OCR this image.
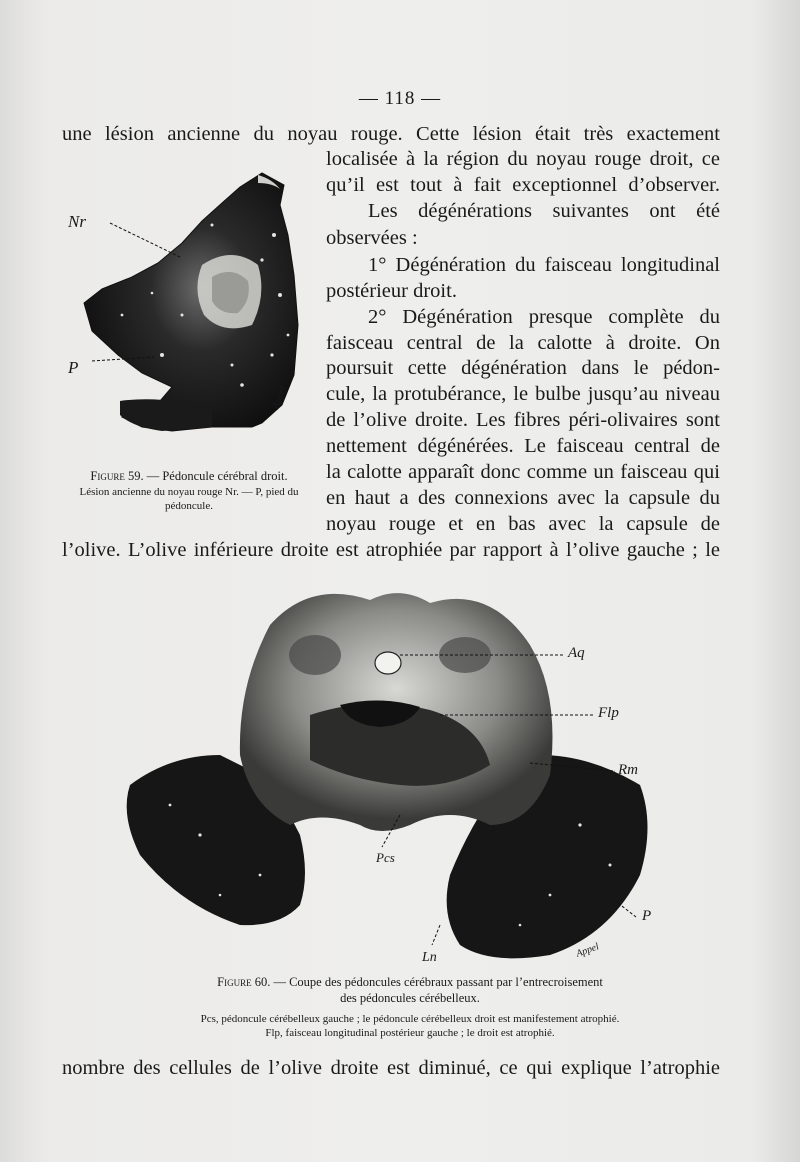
— 118 —
une lésion ancienne du noyau rouge. Cette lésion était très exactement
localisée à la région du noyau rouge droit, ce
qu’il est tout à fait exceptionnel d’observer.
Les dégénérations suivantes ont été
observées :
1° Dégénération du faisceau longitudinal
postérieur droit.
2° Dégénération presque complète du
faisceau central de la calotte à droite. On
poursuit cette dégénération dans le pédon-
cule, la protubérance, le bulbe jusqu’au niveau
de l’olive droite. Les fibres péri-olivaires sont
nettement dégénérées. Le faisceau central de
la calotte apparaît donc comme un faisceau qui
en haut a des connexions avec la capsule du
noyau rouge et en bas avec la capsule de
l’olive. L’olive inférieure droite est atrophiée par rapport à l’olive gauche ; le
Nr
P
Appel
Figure 59. — Pédoncule cérébral droit.
Lésion ancienne du noyau rouge Nr. — P, pied du pédoncule.
Aq
Flp
Rm
Pcs
P
Ln	Appel
Figure 60. — Coupe des pédoncules cérébraux passant par l’entrecroisement
des pédoncules cérébelleux.
Pcs, pédoncule cérébelleux gauche ; le pédoncule cérébelleux droit est manifestement atrophié.
Flp, faisceau longitudinal postérieur gauche ; le droit est atrophié.
nombre des cellules de l’olive droite est diminué, ce qui explique l’atrophie
